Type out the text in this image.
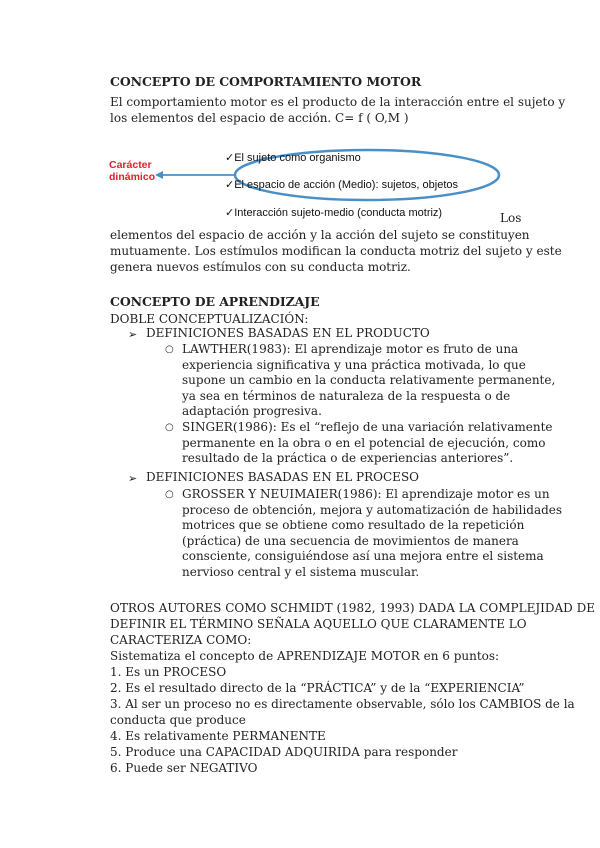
CONCEPTO DE COMPORTAMIENTO MOTOR
El comportamiento motor es el producto de la interacción entre el sujeto y
los elementos del espacio de acción. C= f ( O,M )
Carácter
dinámico
✓El sujeto como organismo
✓El espacio de acción (Medio): sujetos, objetos
✓Interacción sujeto-medio (conducta motriz)	Los
elementos del espacio de acción y la acción del sujeto se constituyen
mutuamente. Los estímulos modifican la conducta motriz del sujeto y este
genera nuevos estímulos con su conducta motriz.
CONCEPTO DE APRENDIZAJE
DOBLE CONCEPTUALIZACIÓN:
➢ DEFINICIONES BASADAS EN EL PRODUCTO
○ LAWTHER(1983): El aprendizaje motor es fruto de una
experiencia significativa y una práctica motivada, lo que
supone un cambio en la conducta relativamente permanente,
ya sea en términos de naturaleza de la respuesta o de
adaptación progresiva.
○ SINGER(1986): Es el “reflejo de una variación relativamente
permanente en la obra o en el potencial de ejecución, como
resultado de la práctica o de experiencias anteriores”.
➢ DEFINICIONES BASADAS EN EL PROCESO
○ GROSSER Y NEUIMAIER(1986): El aprendizaje motor es un
proceso de obtención, mejora y automatización de habilidades
motrices que se obtiene como resultado de la repetición
(práctica) de una secuencia de movimientos de manera
consciente, consiguiéndose así una mejora entre el sistema
nervioso central y el sistema muscular.
OTROS AUTORES COMO SCHMIDT (1982, 1993) DADA LA COMPLEJIDAD DE
DEFINIR EL TÉRMINO SEÑALA AQUELLO QUE CLARAMENTE LO
CARACTERIZA COMO:
Sistematiza el concepto de APRENDIZAJE MOTOR en 6 puntos:
1. Es un PROCESO
2. Es el resultado directo de la “PRÁCTICA” y de la “EXPERIENCIA”
3. Al ser un proceso no es directamente observable, sólo los CAMBIOS de la
conducta que produce
4. Es relativamente PERMANENTE
5. Produce una CAPACIDAD ADQUIRIDA para responder
6. Puede ser NEGATIVO
